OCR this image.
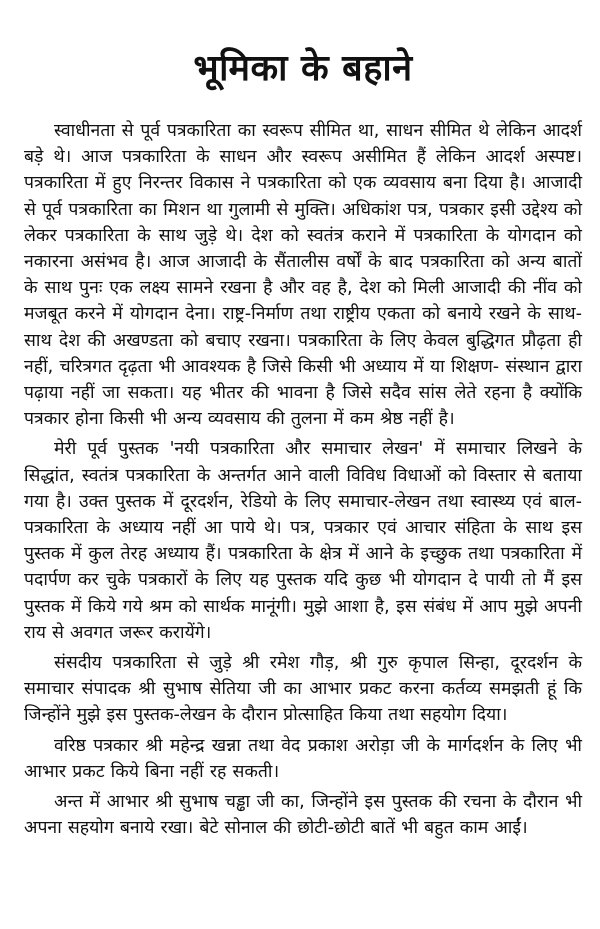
भूमिका के बहाने

स्वाधीनता से पूर्व पत्रकारिता का स्वरूप सीमित था, साधन सीमित थे लेकिन आदर्श बड़े थे। आज पत्रकारिता के साधन और स्वरूप असीमित हैं लेकिन आदर्श अस्पष्ट। पत्रकारिता में हुए निरन्तर विकास ने पत्रकारिता को एक व्यवसाय बना दिया है। आजादी से पूर्व पत्रकारिता का मिशन था गुलामी से मुक्ति। अधिकांश पत्र, पत्रकार इसी उद्देश्य को लेकर पत्रकारिता के साथ जुड़े थे। देश को स्वतंत्र कराने में पत्रकारिता के योगदान को नकारना असंभव है। आज आजादी के सैंतालीस वर्षों के बाद पत्रकारिता को अन्य बातों के साथ पुनः एक लक्ष्य सामने रखना है और वह है, देश को मिली आजादी की नींव को मजबूत करने में योगदान देना। राष्ट्र-निर्माण तथा राष्ट्रीय एकता को बनाये रखने के साथ-साथ देश की अखण्डता को बचाए रखना। पत्रकारिता के लिए केवल बुद्धिगत प्रौढ़ता ही नहीं, चरित्रगत दृढ़ता भी आवश्यक है जिसे किसी भी अध्याय में या शिक्षण- संस्थान द्वारा पढ़ाया नहीं जा सकता। यह भीतर की भावना है जिसे सदैव सांस लेते रहना है क्योंकि पत्रकार होना किसी भी अन्य व्यवसाय की तुलना में कम श्रेष्ठ नहीं है।

मेरी पूर्व पुस्तक 'नयी पत्रकारिता और समाचार लेखन' में समाचार लिखने के सिद्धांत, स्वतंत्र पत्रकारिता के अन्तर्गत आने वाली विविध विधाओं को विस्तार से बताया गया है। उक्त पुस्तक में दूरदर्शन, रेडियो के लिए समाचार-लेखन तथा स्वास्थ्य एवं बाल-पत्रकारिता के अध्याय नहीं आ पाये थे। पत्र, पत्रकार एवं आचार संहिता के साथ इस पुस्तक में कुल तेरह अध्याय हैं। पत्रकारिता के क्षेत्र में आने के इच्छुक तथा पत्रकारिता में पदार्पण कर चुके पत्रकारों के लिए यह पुस्तक यदि कुछ भी योगदान दे पायी तो मैं इस पुस्तक में किये गये श्रम को सार्थक मानूंगी। मुझे आशा है, इस संबंध में आप मुझे अपनी राय से अवगत जरूर करायेंगे।

संसदीय पत्रकारिता से जुड़े श्री रमेश गौड़, श्री गुरु कृपाल सिन्हा, दूरदर्शन के समाचार संपादक श्री सुभाष सेतिया जी का आभार प्रकट करना कर्तव्य समझती हूं कि जिन्होंने मुझे इस पुस्तक-लेखन के दौरान प्रोत्साहित किया तथा सहयोग दिया।

वरिष्ठ पत्रकार श्री महेन्द्र खन्ना तथा वेद प्रकाश अरोड़ा जी के मार्गदर्शन के लिए भी आभार प्रकट किये बिना नहीं रह सकती।

अन्त में आभार श्री सुभाष चड्ढा जी का, जिन्होंने इस पुस्तक की रचना के दौरान भी अपना सहयोग बनाये रखा। बेटे सोनाल की छोटी-छोटी बातें भी बहुत काम आईं।
